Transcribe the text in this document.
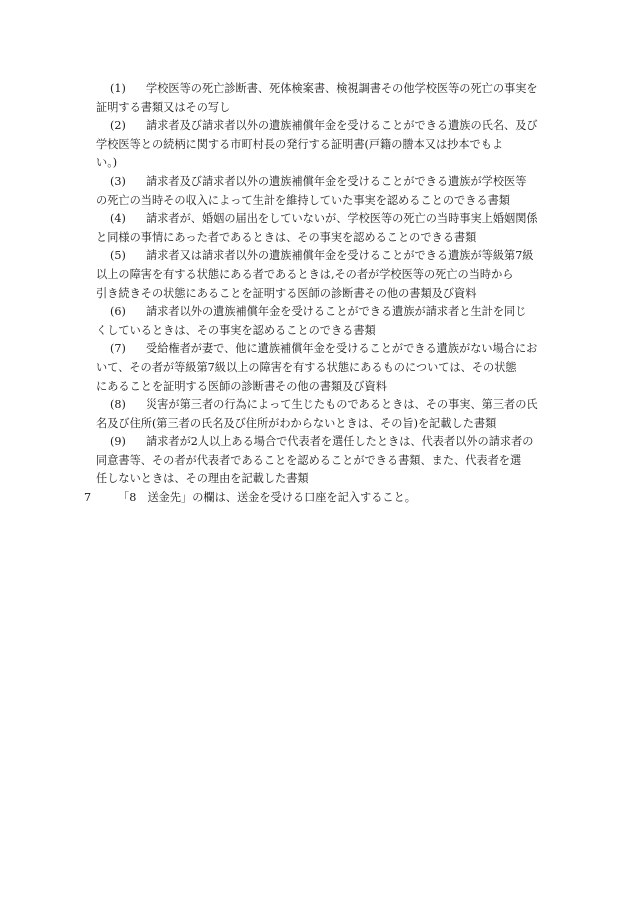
(1) 学校医等の死亡診断書、死体検案書、検視調書その他学校医等の死亡の事実を
証明する書類又はその写し
(2) 請求者及び請求者以外の遺族補償年金を受けることができる遺族の氏名、及び
学校医等との続柄に関する市町村長の発行する証明書(戸籍の謄本又は抄本でもよ
い。)
(3) 請求者及び請求者以外の遺族補償年金を受けることができる遺族が学校医等
の死亡の当時その収入によって生計を維持していた事実を認めることのできる書類
(4) 請求者が、婚姻の届出をしていないが、学校医等の死亡の当時事実上婚姻関係
と同様の事情にあった者であるときは、その事実を認めることのできる書類
(5) 請求者又は請求者以外の遺族補償年金を受けることができる遺族が等級第7級
以上の障害を有する状態にある者であるときは,その者が学校医等の死亡の当時から
引き続きその状態にあることを証明する医師の診断書その他の書類及び資料
(6) 請求者以外の遺族補償年金を受けることができる遺族が請求者と生計を同じ
くしているときは、その事実を認めることのできる書類
(7) 受給権者が妻で、他に遺族補償年金を受けることができる遺族がない場合にお
いて、その者が等級第7級以上の障害を有する状態にあるものについては、その状態
にあることを証明する医師の診断書その他の書類及び資料
(8) 災害が第三者の行為によって生じたものであるときは、その事実、第三者の氏
名及び住所(第三者の氏名及び住所がわからないときは、その旨)を記載した書類
(9) 請求者が2人以上ある場合で代表者を選任したときは、代表者以外の請求者の
同意書等、その者が代表者であることを認めることができる書類、また、代表者を選
任しないときは、その理由を記載した書類
7 「8　送金先」の欄は、送金を受ける口座を記入すること。
